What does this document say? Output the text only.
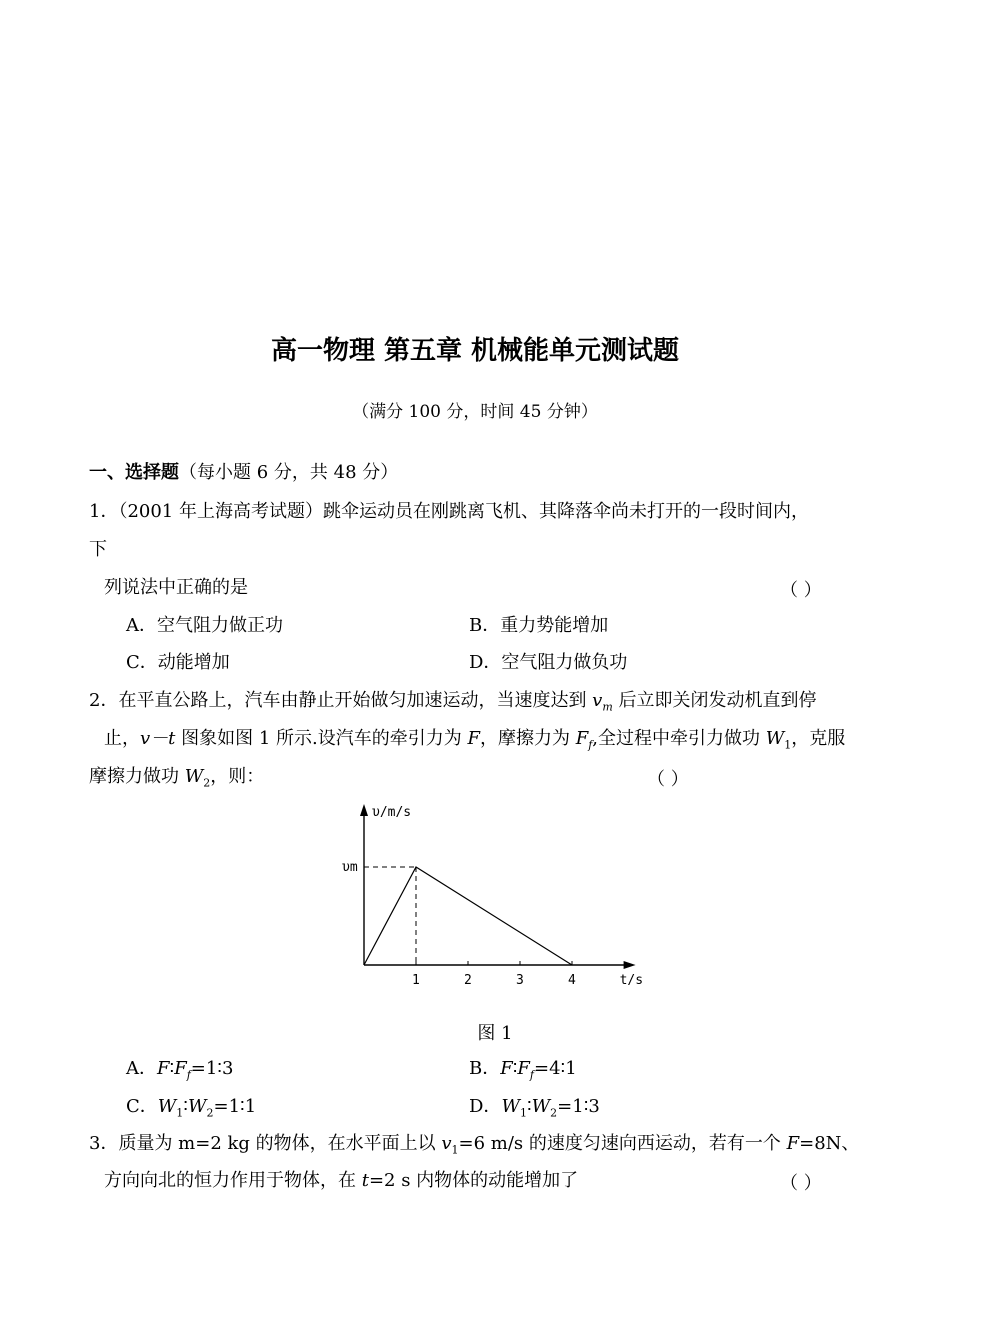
高一物理 第五章 机械能单元测试题
（满分 100 分，时间 45 分钟）
一、选择题（每小题 6 分，共 48 分）
1．（2001 年上海高考试题）跳伞运动员在刚跳离飞机、其降落伞尚未打开的一段时间内，
下
列说法中正确的是	（ ）
A．空气阻力做正功	B．重力势能增加
C．动能增加	D．空气阻力做负功
2．在平直公路上，汽车由静止开始做匀加速运动，当速度达到 $v_m$ 后立即关闭发动机直到停
止，v－t 图象如图 1 所示.设汽车的牵引力为 F，摩擦力为 $F_f$,全过程中牵引力做功 $W_1$，克服
摩擦力做功 $W_2$，则：	（ ）
υ/m/s
t/s
υm
1	2	3	4
图 1
A．$F∶F_f=1∶3$	B．$F∶F_f=4∶1$
C．$W_1∶W_2=1∶1$	D．$W_1∶W_2=1∶3$
3．质量为 m=2 kg 的物体，在水平面上以 $v_1=6$ m/s 的速度匀速向西运动，若有一个 F=8N、
方向向北的恒力作用于物体，在 t=2 s 内物体的动能增加了	（ ）
